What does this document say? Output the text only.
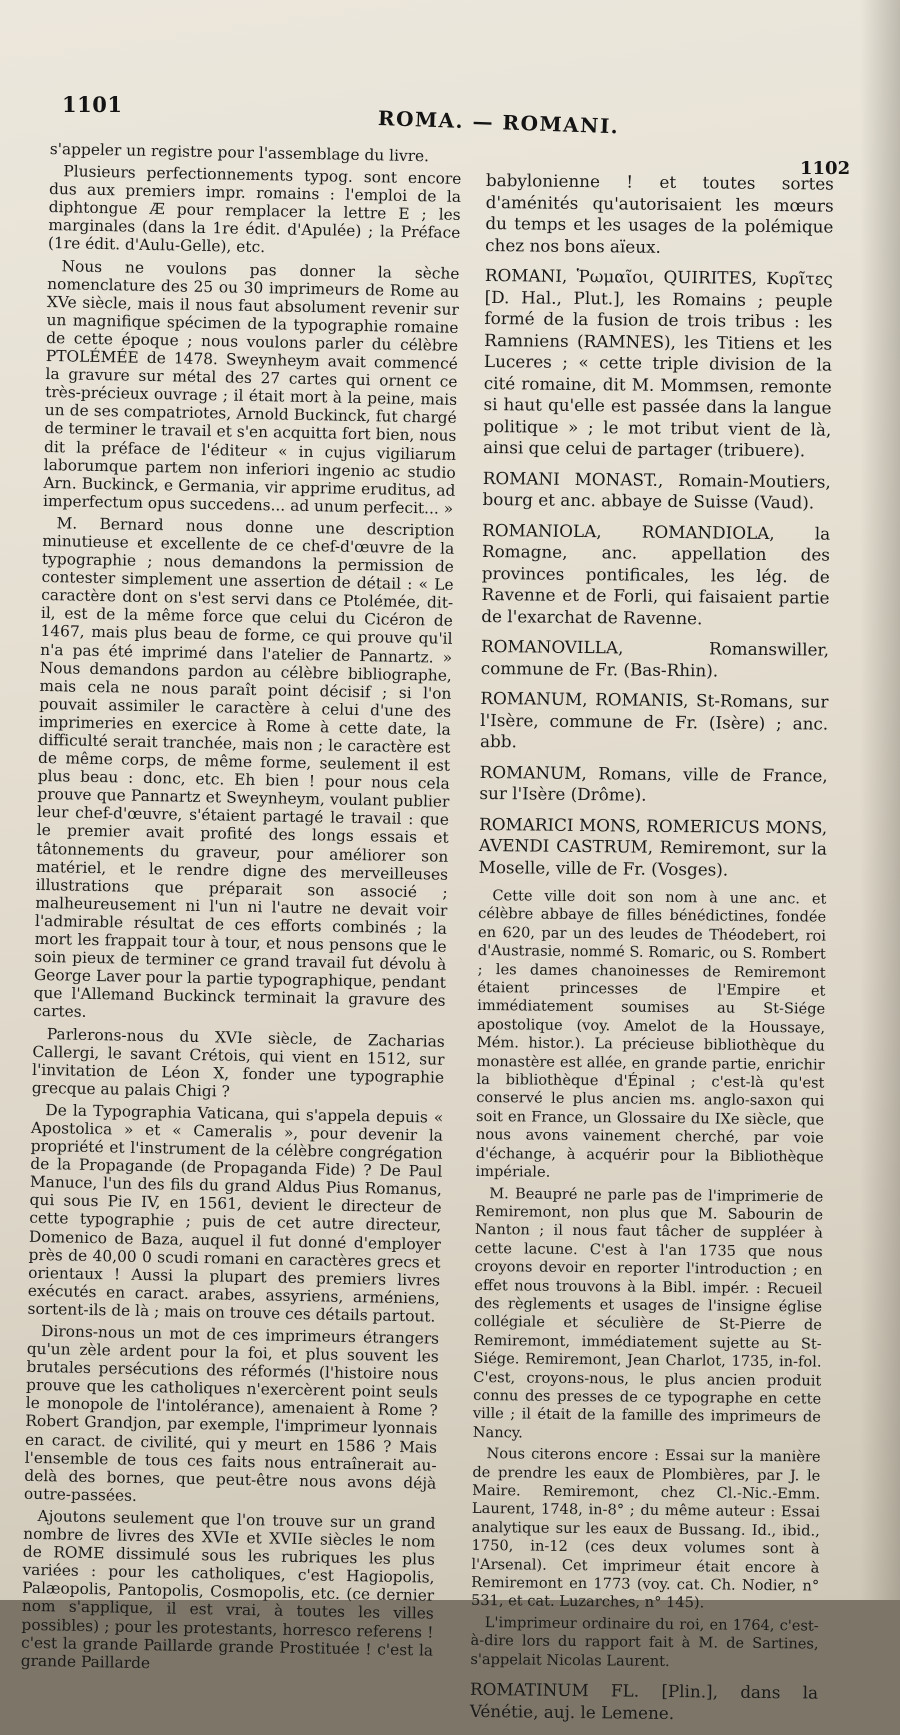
1101
ROMA. — ROMANI.
1102

s'appeler un registre pour l'assemblage du livre.

Plusieurs perfectionnements typog. sont encore dus aux premiers impr. romains : l'emploi de la diphtongue Æ pour remplacer la lettre E ; les marginales (dans la 1re édit. d'Apulée) ; la Préface (1re édit. d'Aulu-Gelle), etc.

Nous ne voulons pas donner la sèche nomenclature des 25 ou 30 imprimeurs de Rome au XVe siècle, mais il nous faut absolument revenir sur un magnifique spécimen de la typographie romaine de cette époque ; nous voulons parler du célèbre PTOLÉMÉE de 1478. Sweynheym avait commencé la gravure sur métal des 27 cartes qui ornent ce très-précieux ouvrage ; il était mort à la peine, mais un de ses compatriotes, Arnold Buckinck, fut chargé de terminer le travail et s'en acquitta fort bien, nous dit la préface de l'éditeur « in cujus vigiliarum laborumque partem non inferiori ingenio ac studio Arn. Buckinck, e Germania, vir apprime eruditus, ad imperfectum opus succedens... ad unum perfecit... »

M. Bernard nous donne une description minutieuse et excellente de ce chef-d'œuvre de la typographie ; nous demandons la permission de contester simplement une assertion de détail : « Le caractère dont on s'est servi dans ce Ptolémée, dit-il, est de la même force que celui du Cicéron de 1467, mais plus beau de forme, ce qui prouve qu'il n'a pas été imprimé dans l'atelier de Pannartz. » Nous demandons pardon au célèbre bibliographe, mais cela ne nous paraît point décisif ; si l'on pouvait assimiler le caractère à celui d'une des imprimeries en exercice à Rome à cette date, la difficulté serait tranchée, mais non ; le caractère est de même corps, de même forme, seulement il est plus beau : donc, etc. Eh bien ! pour nous cela prouve que Pannartz et Sweynheym, voulant publier leur chef-d'œuvre, s'étaient partagé le travail : que le premier avait profité des longs essais et tâtonnements du graveur, pour améliorer son matériel, et le rendre digne des merveilleuses illustrations que préparait son associé ; malheureusement ni l'un ni l'autre ne devait voir l'admirable résultat de ces efforts combinés ; la mort les frappait tour à tour, et nous pensons que le soin pieux de terminer ce grand travail fut dévolu à George Laver pour la partie typographique, pendant que l'Allemand Buckinck terminait la gravure des cartes.

Parlerons-nous du XVIe siècle, de Zacharias Callergi, le savant Crétois, qui vient en 1512, sur l'invitation de Léon X, fonder une typographie grecque au palais Chigi ?

De la Typographia Vaticana, qui s'appela depuis « Apostolica » et « Cameralis », pour devenir la propriété et l'instrument de la célèbre congrégation de la Propagande (de Propaganda Fide) ? De Paul Manuce, l'un des fils du grand Aldus Pius Romanus, qui sous Pie IV, en 1561, devient le directeur de cette typographie ; puis de cet autre directeur, Domenico de Baza, auquel il fut donné d'employer près de 40,00 0 scudi romani en caractères grecs et orientaux ! Aussi la plupart des premiers livres exécutés en caract. arabes, assyriens, arméniens, sortent-ils de là ; mais on trouve ces détails partout.

Dirons-nous un mot de ces imprimeurs étrangers qu'un zèle ardent pour la foi, et plus souvent les brutales persécutions des réformés (l'histoire nous prouve que les catholiques n'exercèrent point seuls le monopole de l'intolérance), amenaient à Rome ? Robert Grandjon, par exemple, l'imprimeur lyonnais en caract. de civilité, qui y meurt en 1586 ? Mais l'ensemble de tous ces faits nous entraînerait au-delà des bornes, que peut-être nous avons déjà outre-passées.

Ajoutons seulement que l'on trouve sur un grand nombre de livres des XVIe et XVIIe siècles le nom de ROME dissimulé sous les rubriques les plus variées : pour les catholiques, c'est Hagiopolis, Palæopolis, Pantopolis, Cosmopolis, etc. (ce dernier nom s'applique, il est vrai, à toutes les villes possibles) ; pour les protestants, horresco referens ! c'est la grande Paillarde grande Prostituée ! c'est la grande Paillarde

babylonienne ! et toutes sortes d'aménités qu'autorisaient les mœurs du temps et les usages de la polémique chez nos bons aïeux.

ROMANI, Ῥωμαῖοι, QUIRITES, Κυρῖτες [D. Hal., Plut.], les Romains ; peuple formé de la fusion de trois tribus : les Ramniens (RAMNES), les Titiens et les Luceres ; « cette triple division de la cité romaine, dit M. Mommsen, remonte si haut qu'elle est passée dans la langue politique » ; le mot tribut vient de là, ainsi que celui de partager (tribuere).

ROMANI MONAST., Romain-Moutiers, bourg et anc. abbaye de Suisse (Vaud).

ROMANIOLA, ROMANDIOLA, la Romagne, anc. appellation des provinces pontificales, les lég. de Ravenne et de Forli, qui faisaient partie de l'exarchat de Ravenne.

ROMANOVILLA, Romanswiller, commune de Fr. (Bas-Rhin).

ROMANUM, ROMANIS, St-Romans, sur l'Isère, commune de Fr. (Isère) ; anc. abb.

ROMANUM, Romans, ville de France, sur l'Isère (Drôme).

ROMARICI MONS, ROMERICUS MONS, AVENDI CASTRUM, Remiremont, sur la Moselle, ville de Fr. (Vosges).

Cette ville doit son nom à une anc. et célèbre abbaye de filles bénédictines, fondée en 620, par un des leudes de Théodebert, roi d'Austrasie, nommé S. Romaric, ou S. Rombert ; les dames chanoinesses de Remiremont étaient princesses de l'Empire et immédiatement soumises au St-Siége apostolique (voy. Amelot de la Houssaye, Mém. histor.). La précieuse bibliothèque du monastère est allée, en grande partie, enrichir la bibliothèque d'Épinal ; c'est-là qu'est conservé le plus ancien ms. anglo-saxon qui soit en France, un Glossaire du IXe siècle, que nous avons vainement cherché, par voie d'échange, à acquérir pour la Bibliothèque impériale.

M. Beaupré ne parle pas de l'imprimerie de Remiremont, non plus que M. Sabourin de Nanton ; il nous faut tâcher de suppléer à cette lacune. C'est à l'an 1735 que nous croyons devoir en reporter l'introduction ; en effet nous trouvons à la Bibl. impér. : Recueil des règlements et usages de l'insigne église collégiale et séculière de St-Pierre de Remiremont, immédiatement sujette au St-Siége. Remiremont, Jean Charlot, 1735, in-fol. C'est, croyons-nous, le plus ancien produit connu des presses de ce typographe en cette ville ; il était de la famille des imprimeurs de Nancy.

Nous citerons encore : Essai sur la manière de prendre les eaux de Plombières, par J. le Maire. Remiremont, chez Cl.-Nic.-Emm. Laurent, 1748, in-8° ; du même auteur : Essai analytique sur les eaux de Bussang. Id., ibid., 1750, in-12 (ces deux volumes sont à l'Arsenal). Cet imprimeur était encore à Remiremont en 1773 (voy. cat. Ch. Nodier, n° 531, et cat. Luzarches, n° 145).

L'imprimeur ordinaire du roi, en 1764, c'est-à-dire lors du rapport fait à M. de Sartines, s'appelait Nicolas Laurent.

ROMATINUM FL. [Plin.], dans la Vénétie, auj. le Lemene.
